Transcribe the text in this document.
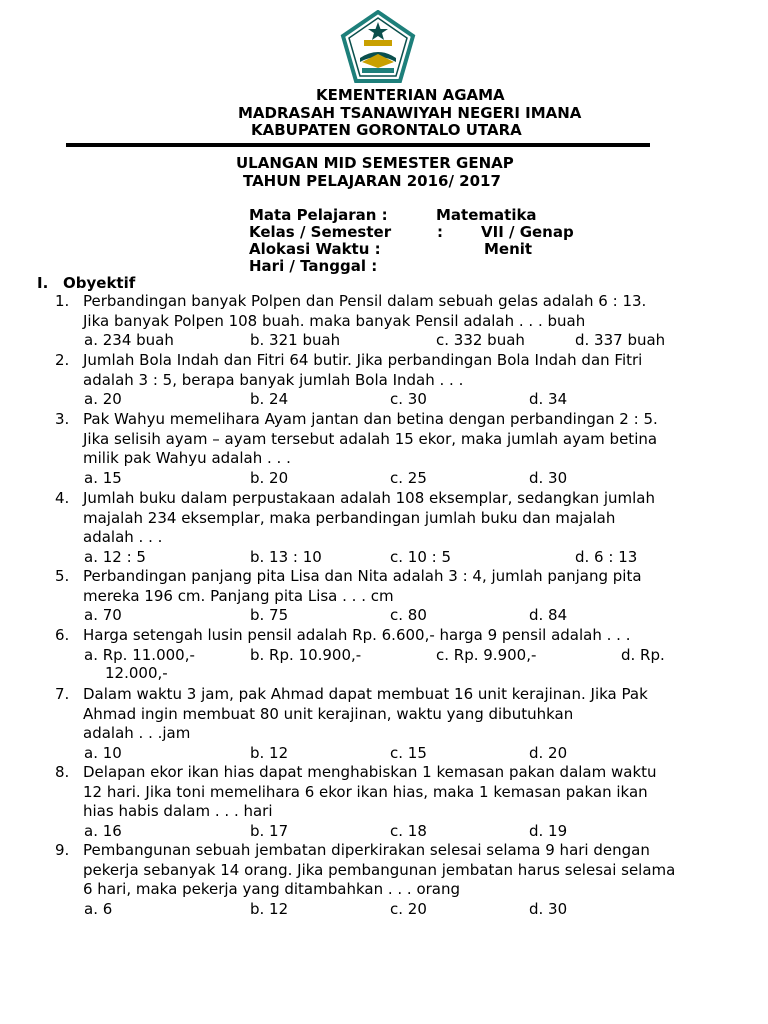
KEMENTERIAN AGAMA
MADRASAH TSANAWIYAH NEGERI IMANA
KABUPATEN GORONTALO UTARA
ULANGAN MID SEMESTER GENAP
TAHUN PELAJARAN 2016/ 2017
Mata Pelajaran :	Matematika
Kelas / Semester	:	VII / Genap
Alokasi Waktu :	Menit
Hari / Tanggal :
I. Obyektif
1. Perbandingan banyak Polpen dan Pensil dalam sebuah gelas adalah 6 : 13.
Jika banyak Polpen 108 buah. maka banyak Pensil adalah . . . buah
a. 234 buah	b. 321 buah	c. 332 buah	d. 337 buah
2. Jumlah Bola Indah dan Fitri 64 butir. Jika perbandingan Bola Indah dan Fitri
adalah 3 : 5, berapa banyak jumlah Bola Indah . . .
a. 20	b. 24	c. 30	d. 34
3. Pak Wahyu memelihara Ayam jantan dan betina dengan perbandingan 2 : 5.
Jika selisih ayam – ayam tersebut adalah 15 ekor, maka jumlah ayam betina
milik pak Wahyu adalah . . .
a. 15	b. 20	c. 25	d. 30
4. Jumlah buku dalam perpustakaan adalah 108 eksemplar, sedangkan jumlah
majalah 234 eksemplar, maka perbandingan jumlah buku dan majalah
adalah . . .
a. 12 : 5	b. 13 : 10	c. 10 : 5	d. 6 : 13
5. Perbandingan panjang pita Lisa dan Nita adalah 3 : 4, jumlah panjang pita
mereka 196 cm. Panjang pita Lisa . . . cm
a. 70	b. 75	c. 80	d. 84
6. Harga setengah lusin pensil adalah Rp. 6.600,- harga 9 pensil adalah . . .
a. Rp. 11.000,-	b. Rp. 10.900,-	c. Rp. 9.900,-	d. Rp.
12.000,-
7. Dalam waktu 3 jam, pak Ahmad dapat membuat 16 unit kerajinan. Jika Pak
Ahmad ingin membuat 80 unit kerajinan, waktu yang dibutuhkan
adalah . . .jam
a. 10	b. 12	c. 15	d. 20
8. Delapan ekor ikan hias dapat menghabiskan 1 kemasan pakan dalam waktu
12 hari. Jika toni memelihara 6 ekor ikan hias, maka 1 kemasan pakan ikan
hias habis dalam . . . hari
a. 16	b. 17	c. 18	d. 19
9. Pembangunan sebuah jembatan diperkirakan selesai selama 9 hari dengan
pekerja sebanyak 14 orang. Jika pembangunan jembatan harus selesai selama
6 hari, maka pekerja yang ditambahkan . . . orang
a. 6	b. 12	c. 20	d. 30
